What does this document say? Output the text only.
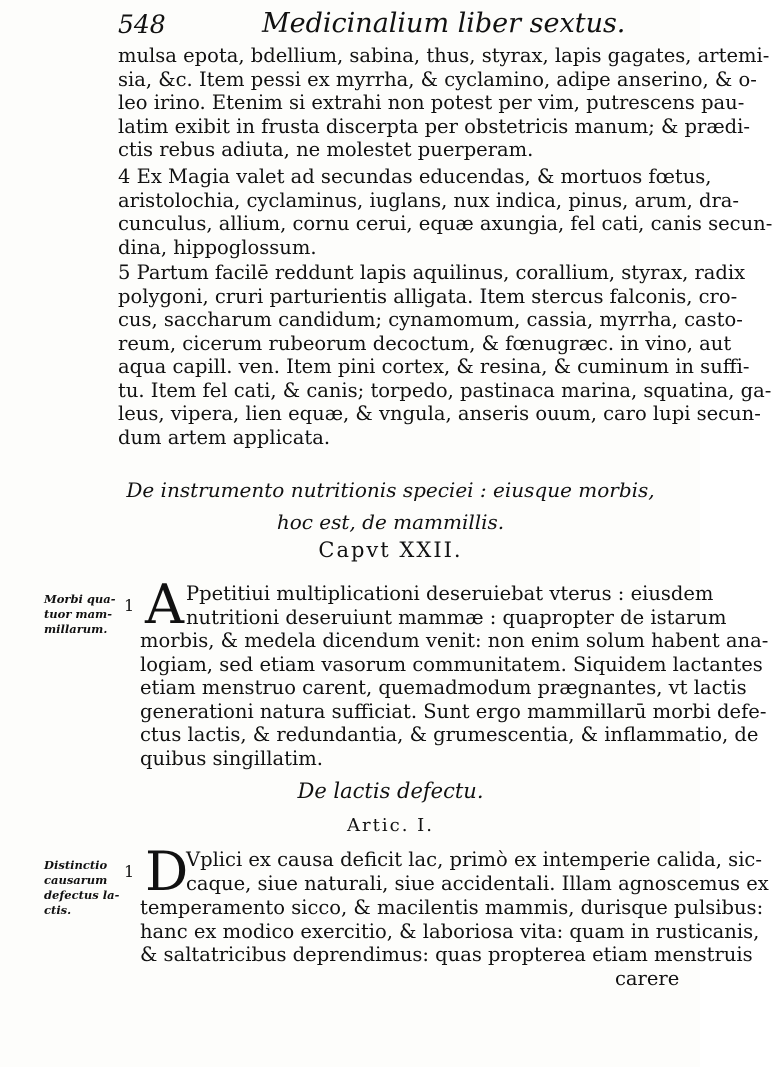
548	Medicinalium liber sextus.
mulsa epota, bdellium, sabina, thus, styrax, lapis gagates, artemi-
sia, &c. Item pessi ex myrrha, & cyclamino, adipe anserino, & o-
leo irino. Etenim si extrahi non potest per vim, putrescens pau-
latim exibit in frusta discerpta per obstetricis manum; & prædi-
ctis rebus adiuta, ne molestet puerperam.
4 Ex Magia valet ad secundas educendas, & mortuos fœtus,
aristolochia, cyclaminus, iuglans, nux indica, pinus, arum, dra-
cunculus, allium, cornu cerui, equæ axungia, fel cati, canis secun-
dina, hippoglossum.
5 Partum facilē reddunt lapis aquilinus, corallium, styrax, radix
polygoni, cruri parturientis alligata. Item stercus falconis, cro-
cus, saccharum candidum; cynamomum, cassia, myrrha, casto-
reum, cicerum rubeorum decoctum, & fœnugræc. in vino, aut
aqua capill. ven. Item pini cortex, & resina, & cuminum in suffi-
tu. Item fel cati, & canis; torpedo, pastinaca marina, squatina, ga-
leus, vipera, lien equæ, & vngula, anseris ouum, caro lupi secun-
dum artem applicata.
De instrumento nutritionis speciei : eiusque morbis,
hoc est, de mammillis.
Capvt XXII.
Morbi qua-
tuor mam-
millarum.
1 A Ppetitiui multiplicationi deseruiebat vterus : eiusdem
nutritioni deseruiunt mammæ : quapropter de istarum
morbis, & medela dicendum venit: non enim solum habent ana-
logiam, sed etiam vasorum communitatem. Siquidem lactantes
etiam menstruo carent, quemadmodum prægnantes, vt lactis
generationi natura sufficiat. Sunt ergo mammillarū morbi defe-
ctus lactis, & redundantia, & grumescentia, & inflammatio, de
quibus singillatim.
De lactis defectu.
Artic. I.
Distinctio
causarum
defectus la-
ctis.
1 D
Vplici ex causa deficit lac, primò ex intemperie calida, sic-
caque, siue naturali, siue accidentali. Illam agnoscemus ex
temperamento sicco, & macilentis mammis, durisque pulsibus:
hanc ex modico exercitio, & laboriosa vita: quam in rusticanis,
& saltatricibus deprendimus: quas propterea etiam menstruis
carere
